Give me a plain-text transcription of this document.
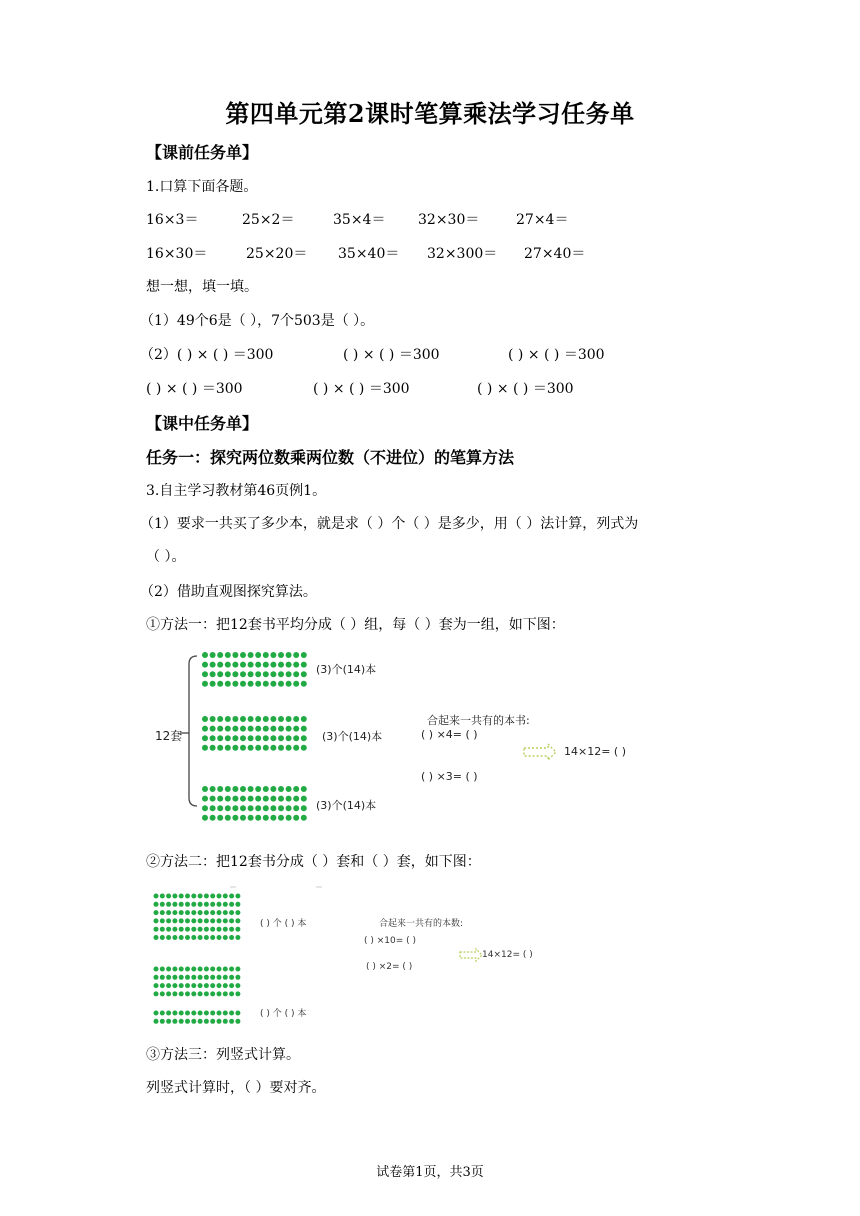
第四单元第2课时笔算乘法学习任务单
【课前任务单】
1.口算下面各题。
16×3＝	25×2＝	35×4＝ 32×30＝	27×4＝
16×30＝	25×20＝ 35×40＝ 32×300＝ 27×40＝
想一想，填一填。
（1）49个6是（ ），7个503是（ ）。
（2）( ) × ( ) ＝300	( ) × ( ) ＝300	( ) × ( ) ＝300
( ) × ( ) ＝300	( ) × ( ) ＝300	( ) × ( ) ＝300
【课中任务单】
任务一：探究两位数乘两位数（不进位）的笔算方法
3.自主学习教材第46页例1。
（1）要求一共买了多少本，就是求（ ）个（ ）是多少，用（ ）法计算，列式为
（ ）。
（2）借助直观图探究算法。
①方法一：把12套书平均分成（ ）组，每（ ）套为一组，如下图：
12套
(3)个(14)本
(3)个(14)本
(3)个(14)本
合起来一共有的本书:
( ) ×4= ( )
14×12= ( )
( ) ×3= ( )
②方法二：把12套书分成（ ）套和（ ）套，如下图：
( ) 个 ( ) 本	合起来一共有的本数:
( ) ×10= ( )
14×12= ( )
( ) ×2= ( )
( ) 个 ( ) 本
③方法三：列竖式计算。
列竖式计算时，（ ）要对齐。
试卷第1页，共3页
